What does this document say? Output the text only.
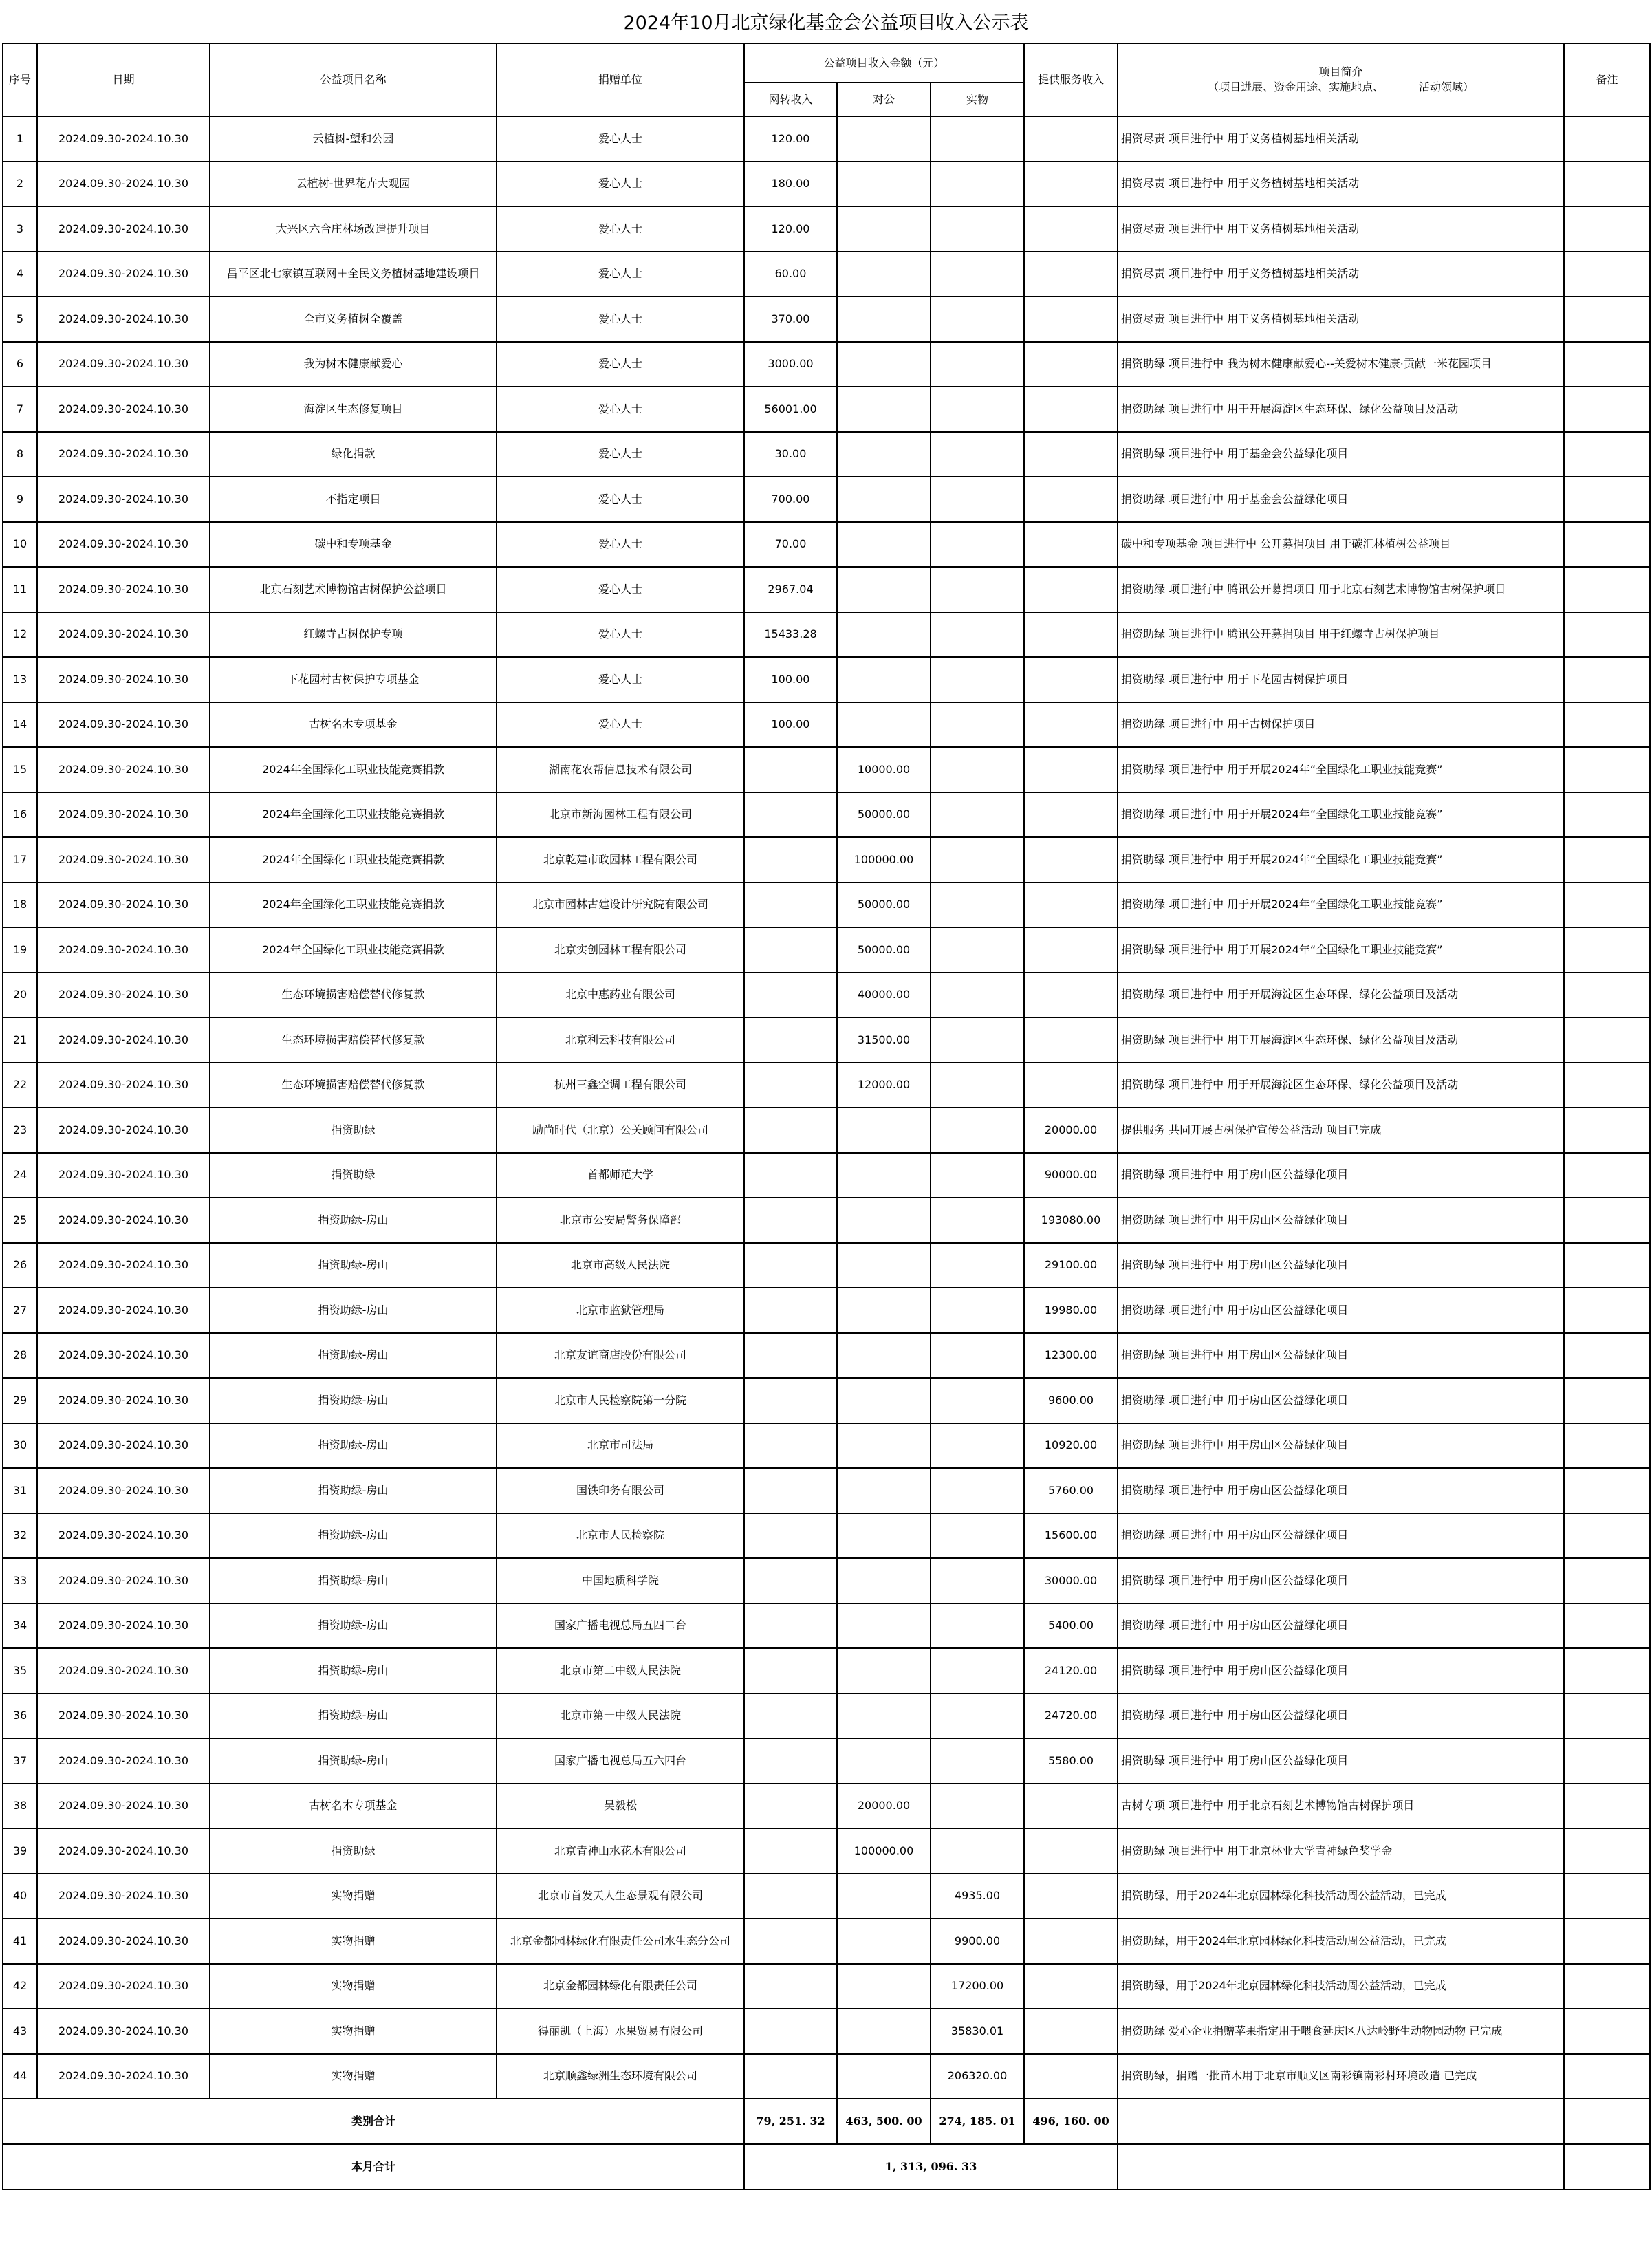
2024年10月北京绿化基金会公益项目收入公示表
序号	日期	公益项目名称	捐赠单位	公益项目收入金额（元）			提供服务收入	项目简介
（项目进展、资金用途、实施地点、          活动领域）	备注
				网转收入	对公	实物			
1	2024.09.30-2024.10.30	云植树-望和公园	爱心人士	120.00				捐资尽责 项目进行中 用于义务植树基地相关活动	
2	2024.09.30-2024.10.30	云植树-世界花卉大观园	爱心人士	180.00				捐资尽责 项目进行中 用于义务植树基地相关活动	
3	2024.09.30-2024.10.30	大兴区六合庄林场改造提升项目	爱心人士	120.00				捐资尽责 项目进行中 用于义务植树基地相关活动	
4	2024.09.30-2024.10.30	昌平区北七家镇互联网＋全民义务植树基地建设项目	爱心人士	60.00				捐资尽责 项目进行中 用于义务植树基地相关活动	
5	2024.09.30-2024.10.30	全市义务植树全覆盖	爱心人士	370.00				捐资尽责 项目进行中 用于义务植树基地相关活动	
6	2024.09.30-2024.10.30	我为树木健康献爱心	爱心人士	3000.00				捐资助绿 项目进行中 我为树木健康献爱心--关爱树木健康·贡献一米花园项目	
7	2024.09.30-2024.10.30	海淀区生态修复项目	爱心人士	56001.00				捐资助绿 项目进行中 用于开展海淀区生态环保、绿化公益项目及活动	
8	2024.09.30-2024.10.30	绿化捐款	爱心人士	30.00				捐资助绿 项目进行中 用于基金会公益绿化项目	
9	2024.09.30-2024.10.30	不指定项目	爱心人士	700.00				捐资助绿 项目进行中 用于基金会公益绿化项目	
10	2024.09.30-2024.10.30	碳中和专项基金	爱心人士	70.00				碳中和专项基金 项目进行中 公开募捐项目 用于碳汇林植树公益项目	
11	2024.09.30-2024.10.30	北京石刻艺术博物馆古树保护公益项目	爱心人士	2967.04				捐资助绿 项目进行中 腾讯公开募捐项目 用于北京石刻艺术博物馆古树保护项目	
12	2024.09.30-2024.10.30	红螺寺古树保护专项	爱心人士	15433.28				捐资助绿 项目进行中 腾讯公开募捐项目 用于红螺寺古树保护项目	
13	2024.09.30-2024.10.30	下花园村古树保护专项基金	爱心人士	100.00				捐资助绿 项目进行中 用于下花园古树保护项目	
14	2024.09.30-2024.10.30	古树名木专项基金	爱心人士	100.00				捐资助绿 项目进行中 用于古树保护项目	
15	2024.09.30-2024.10.30	2024年全国绿化工职业技能竞赛捐款	湖南花农帮信息技术有限公司		10000.00			捐资助绿 项目进行中 用于开展2024年“全国绿化工职业技能竞赛”	
16	2024.09.30-2024.10.30	2024年全国绿化工职业技能竞赛捐款	北京市新海园林工程有限公司		50000.00			捐资助绿 项目进行中 用于开展2024年“全国绿化工职业技能竞赛”	
17	2024.09.30-2024.10.30	2024年全国绿化工职业技能竞赛捐款	北京乾建市政园林工程有限公司		100000.00			捐资助绿 项目进行中 用于开展2024年“全国绿化工职业技能竞赛”	
18	2024.09.30-2024.10.30	2024年全国绿化工职业技能竞赛捐款	北京市园林古建设计研究院有限公司		50000.00			捐资助绿 项目进行中 用于开展2024年“全国绿化工职业技能竞赛”	
19	2024.09.30-2024.10.30	2024年全国绿化工职业技能竞赛捐款	北京实创园林工程有限公司		50000.00			捐资助绿 项目进行中 用于开展2024年“全国绿化工职业技能竞赛”	
20	2024.09.30-2024.10.30	生态环境损害赔偿替代修复款	北京中惠药业有限公司		40000.00			捐资助绿 项目进行中 用于开展海淀区生态环保、绿化公益项目及活动	
21	2024.09.30-2024.10.30	生态环境损害赔偿替代修复款	北京利云科技有限公司		31500.00			捐资助绿 项目进行中 用于开展海淀区生态环保、绿化公益项目及活动	
22	2024.09.30-2024.10.30	生态环境损害赔偿替代修复款	杭州三鑫空调工程有限公司		12000.00			捐资助绿 项目进行中 用于开展海淀区生态环保、绿化公益项目及活动	
23	2024.09.30-2024.10.30	捐资助绿	励尚时代（北京）公关顾问有限公司				20000.00	提供服务 共同开展古树保护宣传公益活动 项目已完成	
24	2024.09.30-2024.10.30	捐资助绿	首都师范大学				90000.00	捐资助绿 项目进行中 用于房山区公益绿化项目	
25	2024.09.30-2024.10.30	捐资助绿-房山	北京市公安局警务保障部				193080.00	捐资助绿 项目进行中 用于房山区公益绿化项目	
26	2024.09.30-2024.10.30	捐资助绿-房山	北京市高级人民法院				29100.00	捐资助绿 项目进行中 用于房山区公益绿化项目	
27	2024.09.30-2024.10.30	捐资助绿-房山	北京市监狱管理局				19980.00	捐资助绿 项目进行中 用于房山区公益绿化项目	
28	2024.09.30-2024.10.30	捐资助绿-房山	北京友谊商店股份有限公司				12300.00	捐资助绿 项目进行中 用于房山区公益绿化项目	
29	2024.09.30-2024.10.30	捐资助绿-房山	北京市人民检察院第一分院				9600.00	捐资助绿 项目进行中 用于房山区公益绿化项目	
30	2024.09.30-2024.10.30	捐资助绿-房山	北京市司法局				10920.00	捐资助绿 项目进行中 用于房山区公益绿化项目	
31	2024.09.30-2024.10.30	捐资助绿-房山	国铁印务有限公司				5760.00	捐资助绿 项目进行中 用于房山区公益绿化项目	
32	2024.09.30-2024.10.30	捐资助绿-房山	北京市人民检察院				15600.00	捐资助绿 项目进行中 用于房山区公益绿化项目	
33	2024.09.30-2024.10.30	捐资助绿-房山	中国地质科学院				30000.00	捐资助绿 项目进行中 用于房山区公益绿化项目	
34	2024.09.30-2024.10.30	捐资助绿-房山	国家广播电视总局五四二台				5400.00	捐资助绿 项目进行中 用于房山区公益绿化项目	
35	2024.09.30-2024.10.30	捐资助绿-房山	北京市第二中级人民法院				24120.00	捐资助绿 项目进行中 用于房山区公益绿化项目	
36	2024.09.30-2024.10.30	捐资助绿-房山	北京市第一中级人民法院				24720.00	捐资助绿 项目进行中 用于房山区公益绿化项目	
37	2024.09.30-2024.10.30	捐资助绿-房山	国家广播电视总局五六四台				5580.00	捐资助绿 项目进行中 用于房山区公益绿化项目	
38	2024.09.30-2024.10.30	古树名木专项基金	吴毅松		20000.00			古树专项 项目进行中 用于北京石刻艺术博物馆古树保护项目	
39	2024.09.30-2024.10.30	捐资助绿	北京青神山水花木有限公司		100000.00			捐资助绿 项目进行中 用于北京林业大学青神绿色奖学金	
40	2024.09.30-2024.10.30	实物捐赠	北京市首发天人生态景观有限公司			4935.00		捐资助绿，用于2024年北京园林绿化科技活动周公益活动，已完成	
41	2024.09.30-2024.10.30	实物捐赠	北京金都园林绿化有限责任公司水生态分公司			9900.00		捐资助绿，用于2024年北京园林绿化科技活动周公益活动，已完成	
42	2024.09.30-2024.10.30	实物捐赠	北京金都园林绿化有限责任公司			17200.00		捐资助绿，用于2024年北京园林绿化科技活动周公益活动，已完成	
43	2024.09.30-2024.10.30	实物捐赠	得丽凯（上海）水果贸易有限公司			35830.01		捐资助绿 爱心企业捐赠苹果指定用于喂食延庆区八达岭野生动物园动物 已完成	
44	2024.09.30-2024.10.30	实物捐赠	北京顺鑫绿洲生态环境有限公司			206320.00		捐资助绿，捐赠一批苗木用于北京市顺义区南彩镇南彩村环境改造 已完成	
类别合计				79, 251. 32	463, 500. 00	274, 185. 01	496, 160. 00		
本月合计				1, 313, 096. 33					
